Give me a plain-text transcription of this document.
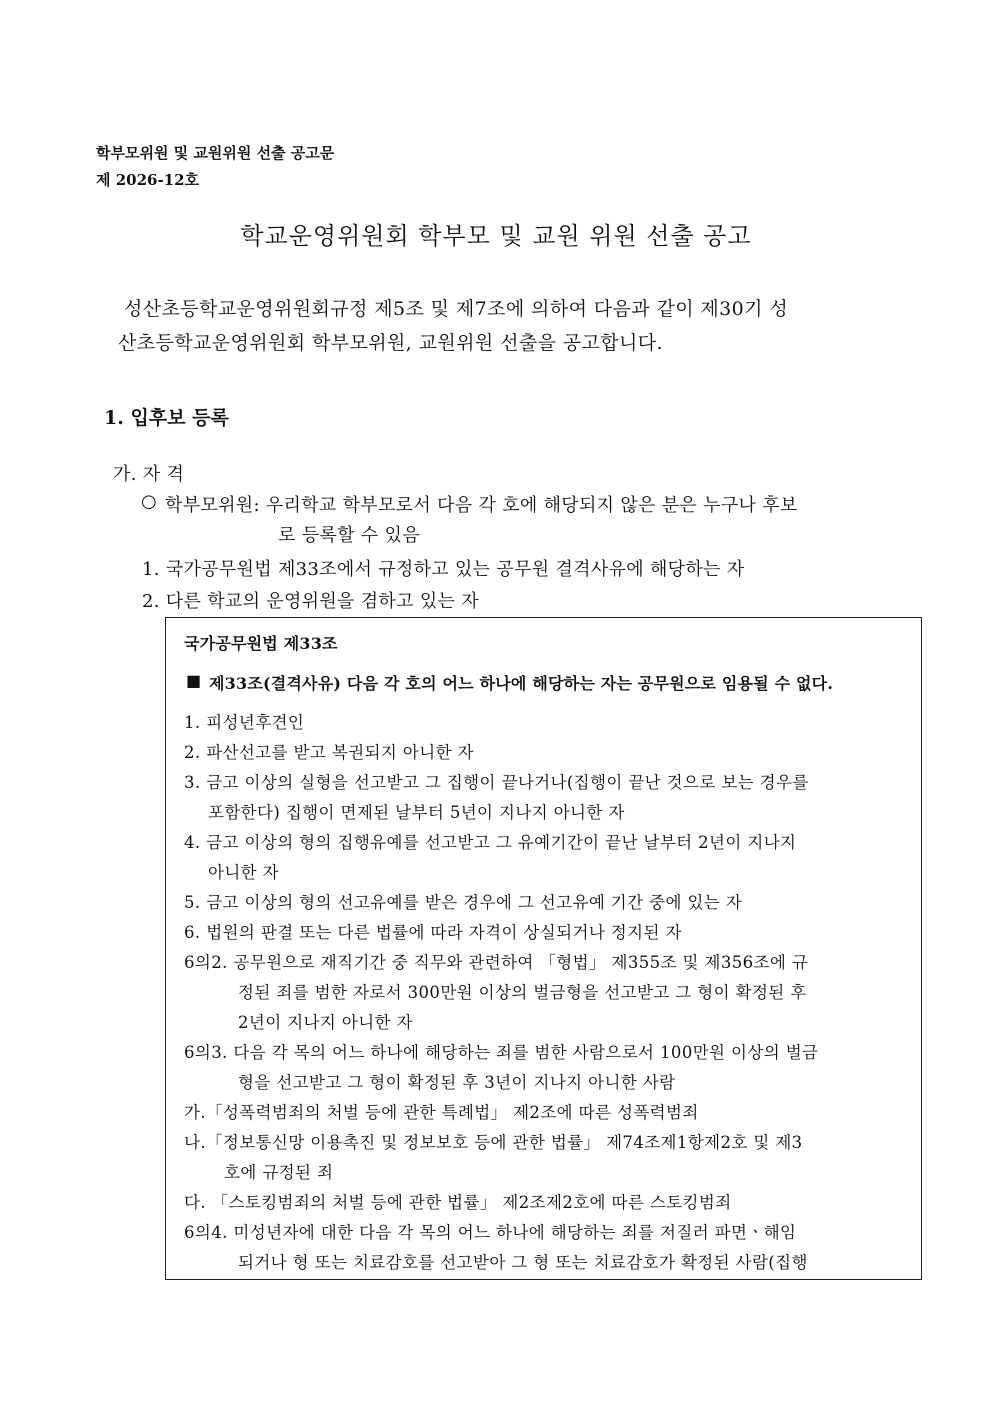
학부모위원 및 교원위원 선출 공고문
제 2026-12호
학교운영위원회 학부모 및 교원 위원 선출 공고
성산초등학교운영위원회규정 제5조 및 제7조에 의하여 다음과 같이 제30기 성
산초등학교운영위원회 학부모위원, 교원위원 선출을 공고합니다.
1. 입후보 등록
가. 자 격
○ 학부모위원: 우리학교 학부모로서 다음 각 호에 해당되지 않은 분은 누구나 후보
로 등록할 수 있음
1. 국가공무원법 제33조에서 규정하고 있는 공무원 결격사유에 해당하는 자
2. 다른 학교의 운영위원을 겸하고 있는 자
국가공무원법 제33조
■ 제33조(결격사유) 다음 각 호의 어느 하나에 해당하는 자는 공무원으로 임용될 수 없다.
1. 피성년후견인
2. 파산선고를 받고 복권되지 아니한 자
3. 금고 이상의 실형을 선고받고 그 집행이 끝나거나(집행이 끝난 것으로 보는 경우를
포함한다) 집행이 면제된 날부터 5년이 지나지 아니한 자
4. 금고 이상의 형의 집행유예를 선고받고 그 유예기간이 끝난 날부터 2년이 지나지
아니한 자
5. 금고 이상의 형의 선고유예를 받은 경우에 그 선고유예 기간 중에 있는 자
6. 법원의 판결 또는 다른 법률에 따라 자격이 상실되거나 정지된 자
6의2. 공무원으로 재직기간 중 직무와 관련하여 「형법」 제355조 및 제356조에 규
정된 죄를 범한 자로서 300만원 이상의 벌금형을 선고받고 그 형이 확정된 후
2년이 지나지 아니한 자
6의3. 다음 각 목의 어느 하나에 해당하는 죄를 범한 사람으로서 100만원 이상의 벌금
형을 선고받고 그 형이 확정된 후 3년이 지나지 아니한 사람
가.「성폭력범죄의 처벌 등에 관한 특례법」 제2조에 따른 성폭력범죄
나.「정보통신망 이용촉진 및 정보보호 등에 관한 법률」 제74조제1항제2호 및 제3
호에 규정된 죄
다. 「스토킹범죄의 처벌 등에 관한 법률」 제2조제2호에 따른 스토킹범죄
6의4. 미성년자에 대한 다음 각 목의 어느 하나에 해당하는 죄를 저질러 파면ㆍ해임
되거나 형 또는 치료감호를 선고받아 그 형 또는 치료감호가 확정된 사람(집행
